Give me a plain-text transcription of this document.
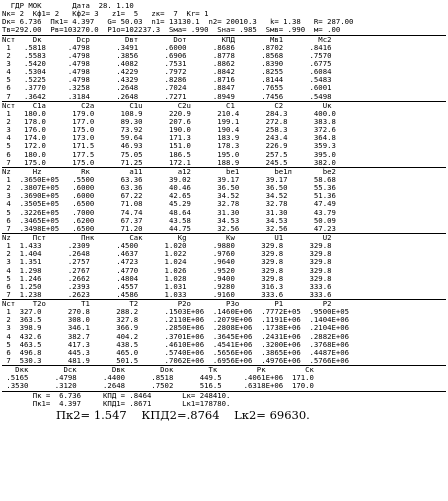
ГДР МОК       Дата  28. 1.10
Nк= 2  Kф1= 2   Kф2= 3   z1=  5   zк=  7  Kr= 1
Dк= 6.736  Пк1= 4.397   G= 50.03  n1= 13130.1  n2= 20010.3   k= 1.38   R= 287.00
Tв=292.00  Pв=103270.0  P1o=102237.3  Sма= .990  Sна= .985  Sмв= .990  м= .00
Nст    Dк        Dср        Dвт        Dот        КПД        Мв1        Мс2
1   .5818     .4798      .3491      .6000      .8686      .8702      .8416
2   .5583     .4798      .3856      .6906      .8778      .8568      .7570
3   .5420     .4798      .4082      .7531      .8862      .8390      .6775
4   .5304     .4798      .4229      .7972      .8842      .8255      .6084
5   .5225     .4798      .4329      .8286      .8716      .8144      .5483
6   .3770     .3258      .2648      .7024      .8847      .7655      .6001
7   .3642     .3184      .2648      .7271      .8949      .7456      .5498
Nст    C1a        C2a        C1u        C2u        C1         C2         Uк
1   180.0      179.0      108.9      220.9      210.4      284.3      400.0
2   178.0      177.0      89.30      207.6      199.1      272.8      383.8
3   176.0      175.0      73.92      190.0      190.4      258.3      372.6
4   174.0      173.0      59.64      171.3      183.9      243.4      364.8
5   172.0      171.5      46.93      151.0      178.3      226.9      359.3
6   180.0      177.5      75.05      186.5      195.0      257.5      395.0
7   175.0      175.0      71.25      172.1      188.9      245.5      382.0
Nz     Hz         Rк         a11        a12        be1        be1л       be2
1  .3650E+05   .5500      63.36      39.02      39.17      39.17      58.68
2  .3807E+05   .6000      63.36      40.46      36.50      36.50      55.36
3  .3690E+05   .6000      67.22      42.65      34.52      34.52      51.36
4  .3505E+05   .6500      71.08      45.29      32.78      32.78      47.49
5  .3226E+05   .7000      74.74      48.64      31.30      31.30      43.79
6  .3465E+05   .6200      67.37      43.58      34.53      34.53      50.09
7  .3498E+05   .6500      71.20      44.75      32.56      32.56      47.23
Nz     Пст        Пнк        Сак        Kg         Kw         U1         U2
1  1.433      .2309      .4500      1.020      .9880      329.8      329.8
2  1.404      .2648      .4637      1.022      .9760      329.8      329.8
3  1.351      .2757      .4723      1.024      .9640      329.8      329.8
4  1.298      .2767      .4770      1.026      .9520      329.8      329.8
5  1.246      .2662      .4804      1.028      .9400      329.8      329.8
6  1.250      .2393      .4557      1.031      .9280      316.3      333.6
7  1.238      .2623      .4586      1.033      .9160      333.6      333.6
Nст    T2o        T1         T2         P2o        P3o        P1         P2
1  327.0      270.8      288.2      .1503E+06  .1460E+06  .7772E+05  .9500E+05
2  363.5      308.0      327.8      .2110E+06  .2079E+06  .1191E+06  .1404E+06
3  398.9      346.1      366.9      .2850E+06  .2808E+06  .1738E+06  .2104E+06
4  432.6      382.7      404.2      .3701E+06  .3645E+06  .2431E+06  .2882E+06
5  463.5      417.3      438.5      .4610E+06  .4541E+06  .3200E+06  .3768E+06
6  496.8      445.3      465.0      .5740E+06  .5656E+06  .3865E+06  .4487E+06
7  530.3      481.9      501.5      .7062E+06  .6956E+06  .4976E+06  .5766E+06
Dкк        Dск        Dвк        Dок        Tк         Pк         Ск
.5165      .4798      .4400      .8518      449.5     .4061E+06  171.0
.3530      .3120      .2648      .7502      516.5     .6318E+06  170.0
Пк =  6.736     КПД = .8464       Lк= 248410.
Пк1=  4.397     КПД1= .8671       Lк1=178780.
Пк2= 1.547    КПД2=.8764    Lк2= 69630.
